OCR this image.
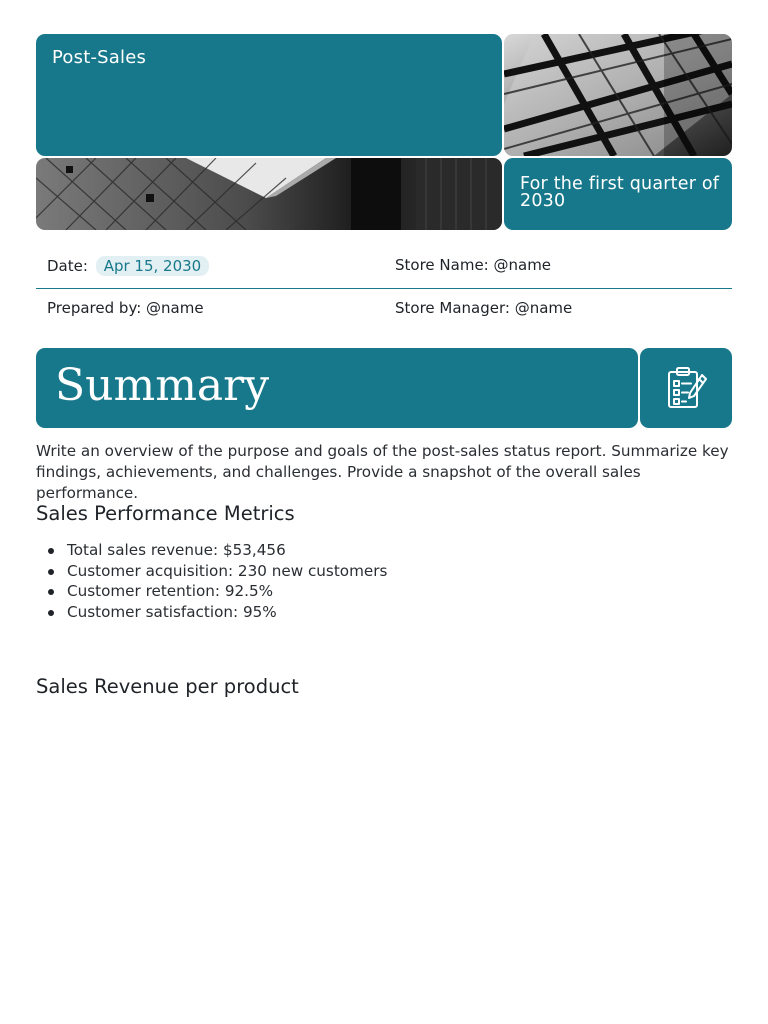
Post-Sales
For the first quarter of 2030
Date: Apr 15, 2030	Store Name: @name
Prepared by: @name	Store Manager: @name
Summary
Write an overview of the purpose and goals of the post-sales status report. Summarize key findings, achievements, and challenges. Provide a snapshot of the overall sales performance.
Sales Performance Metrics
Total sales revenue: $53,456
Customer acquisition: 230 new customers
Customer retention: 92.5%
Customer satisfaction: 95%
Sales Revenue per product
